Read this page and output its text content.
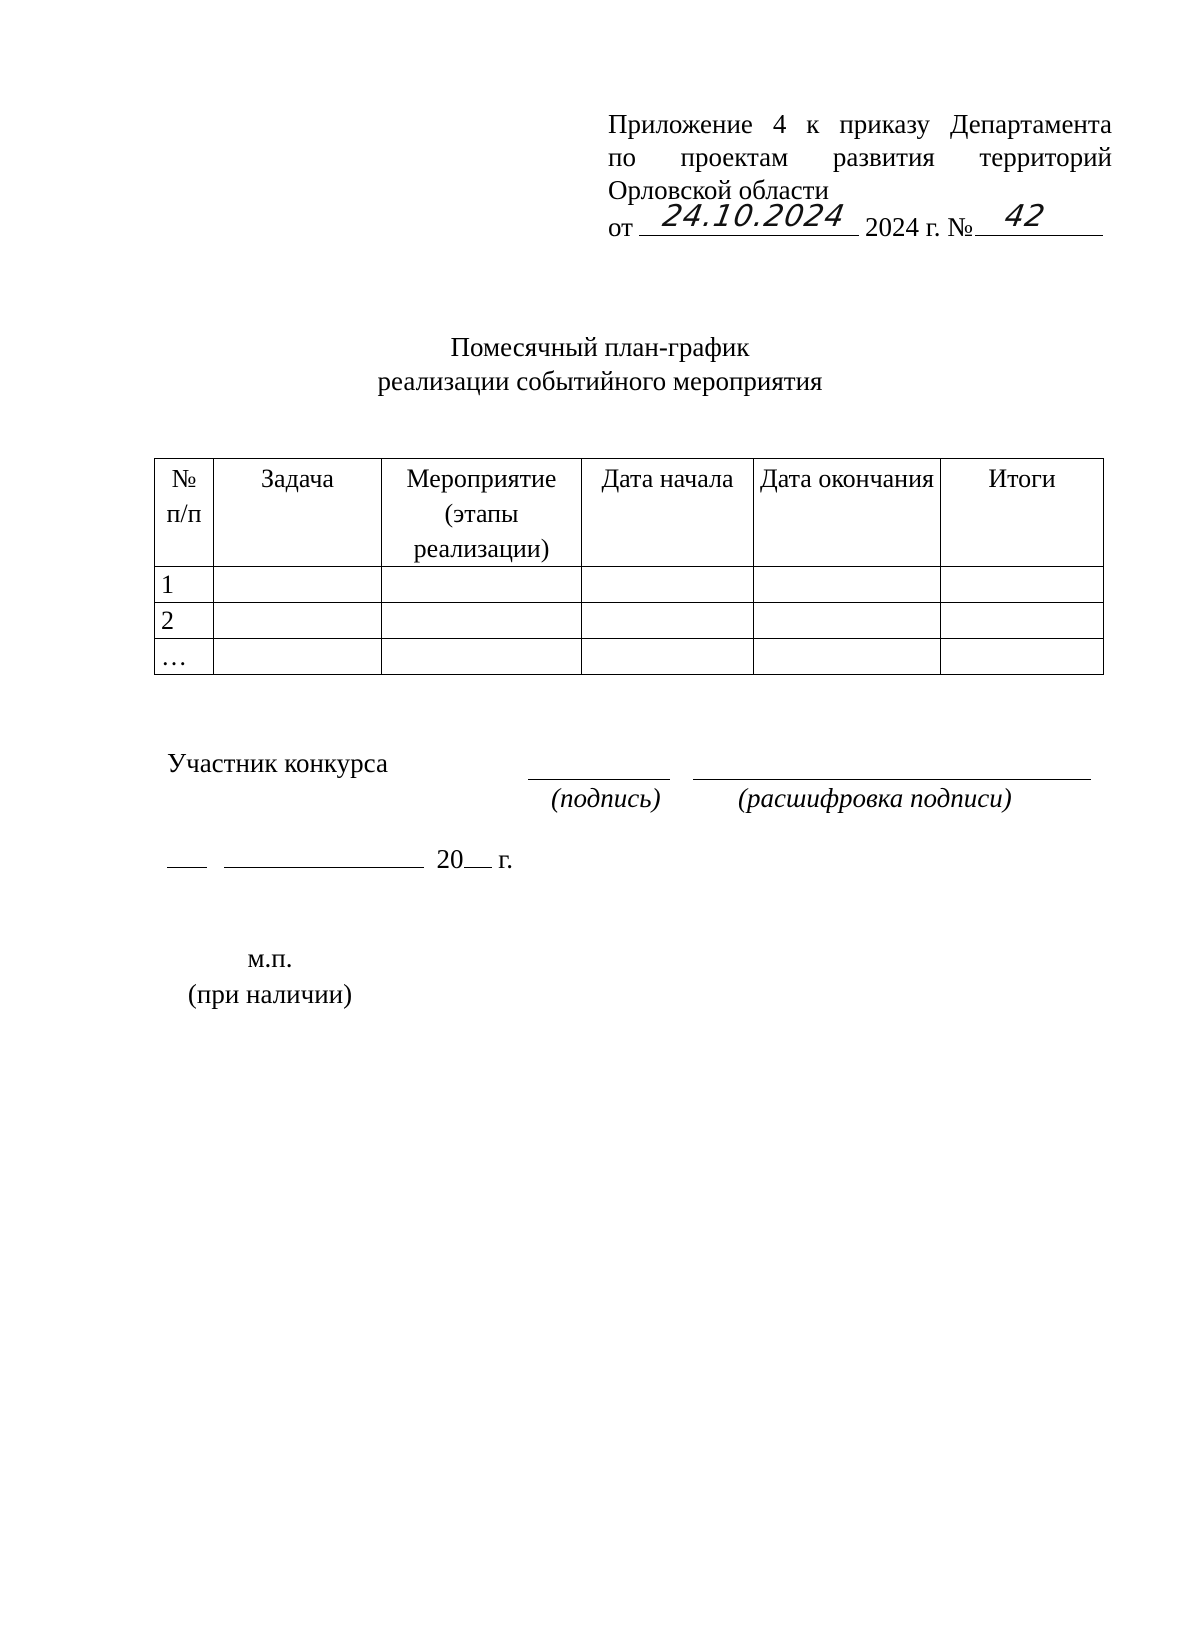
Приложение 4 к приказу Департамента
по проектам развития территорий
Орловской области
от 24.10.2024 2024 г. № 42
Помесячный план-график
реализации событийного мероприятия
№ п/п	Задача	Мероприятие (этапы реализации)	Дата начала	Дата окончания	Итоги
1					
2					
…					
Участник конкурса
(подпись)	(расшифровка подписи)
20 г.
м.п.
(при наличии)
